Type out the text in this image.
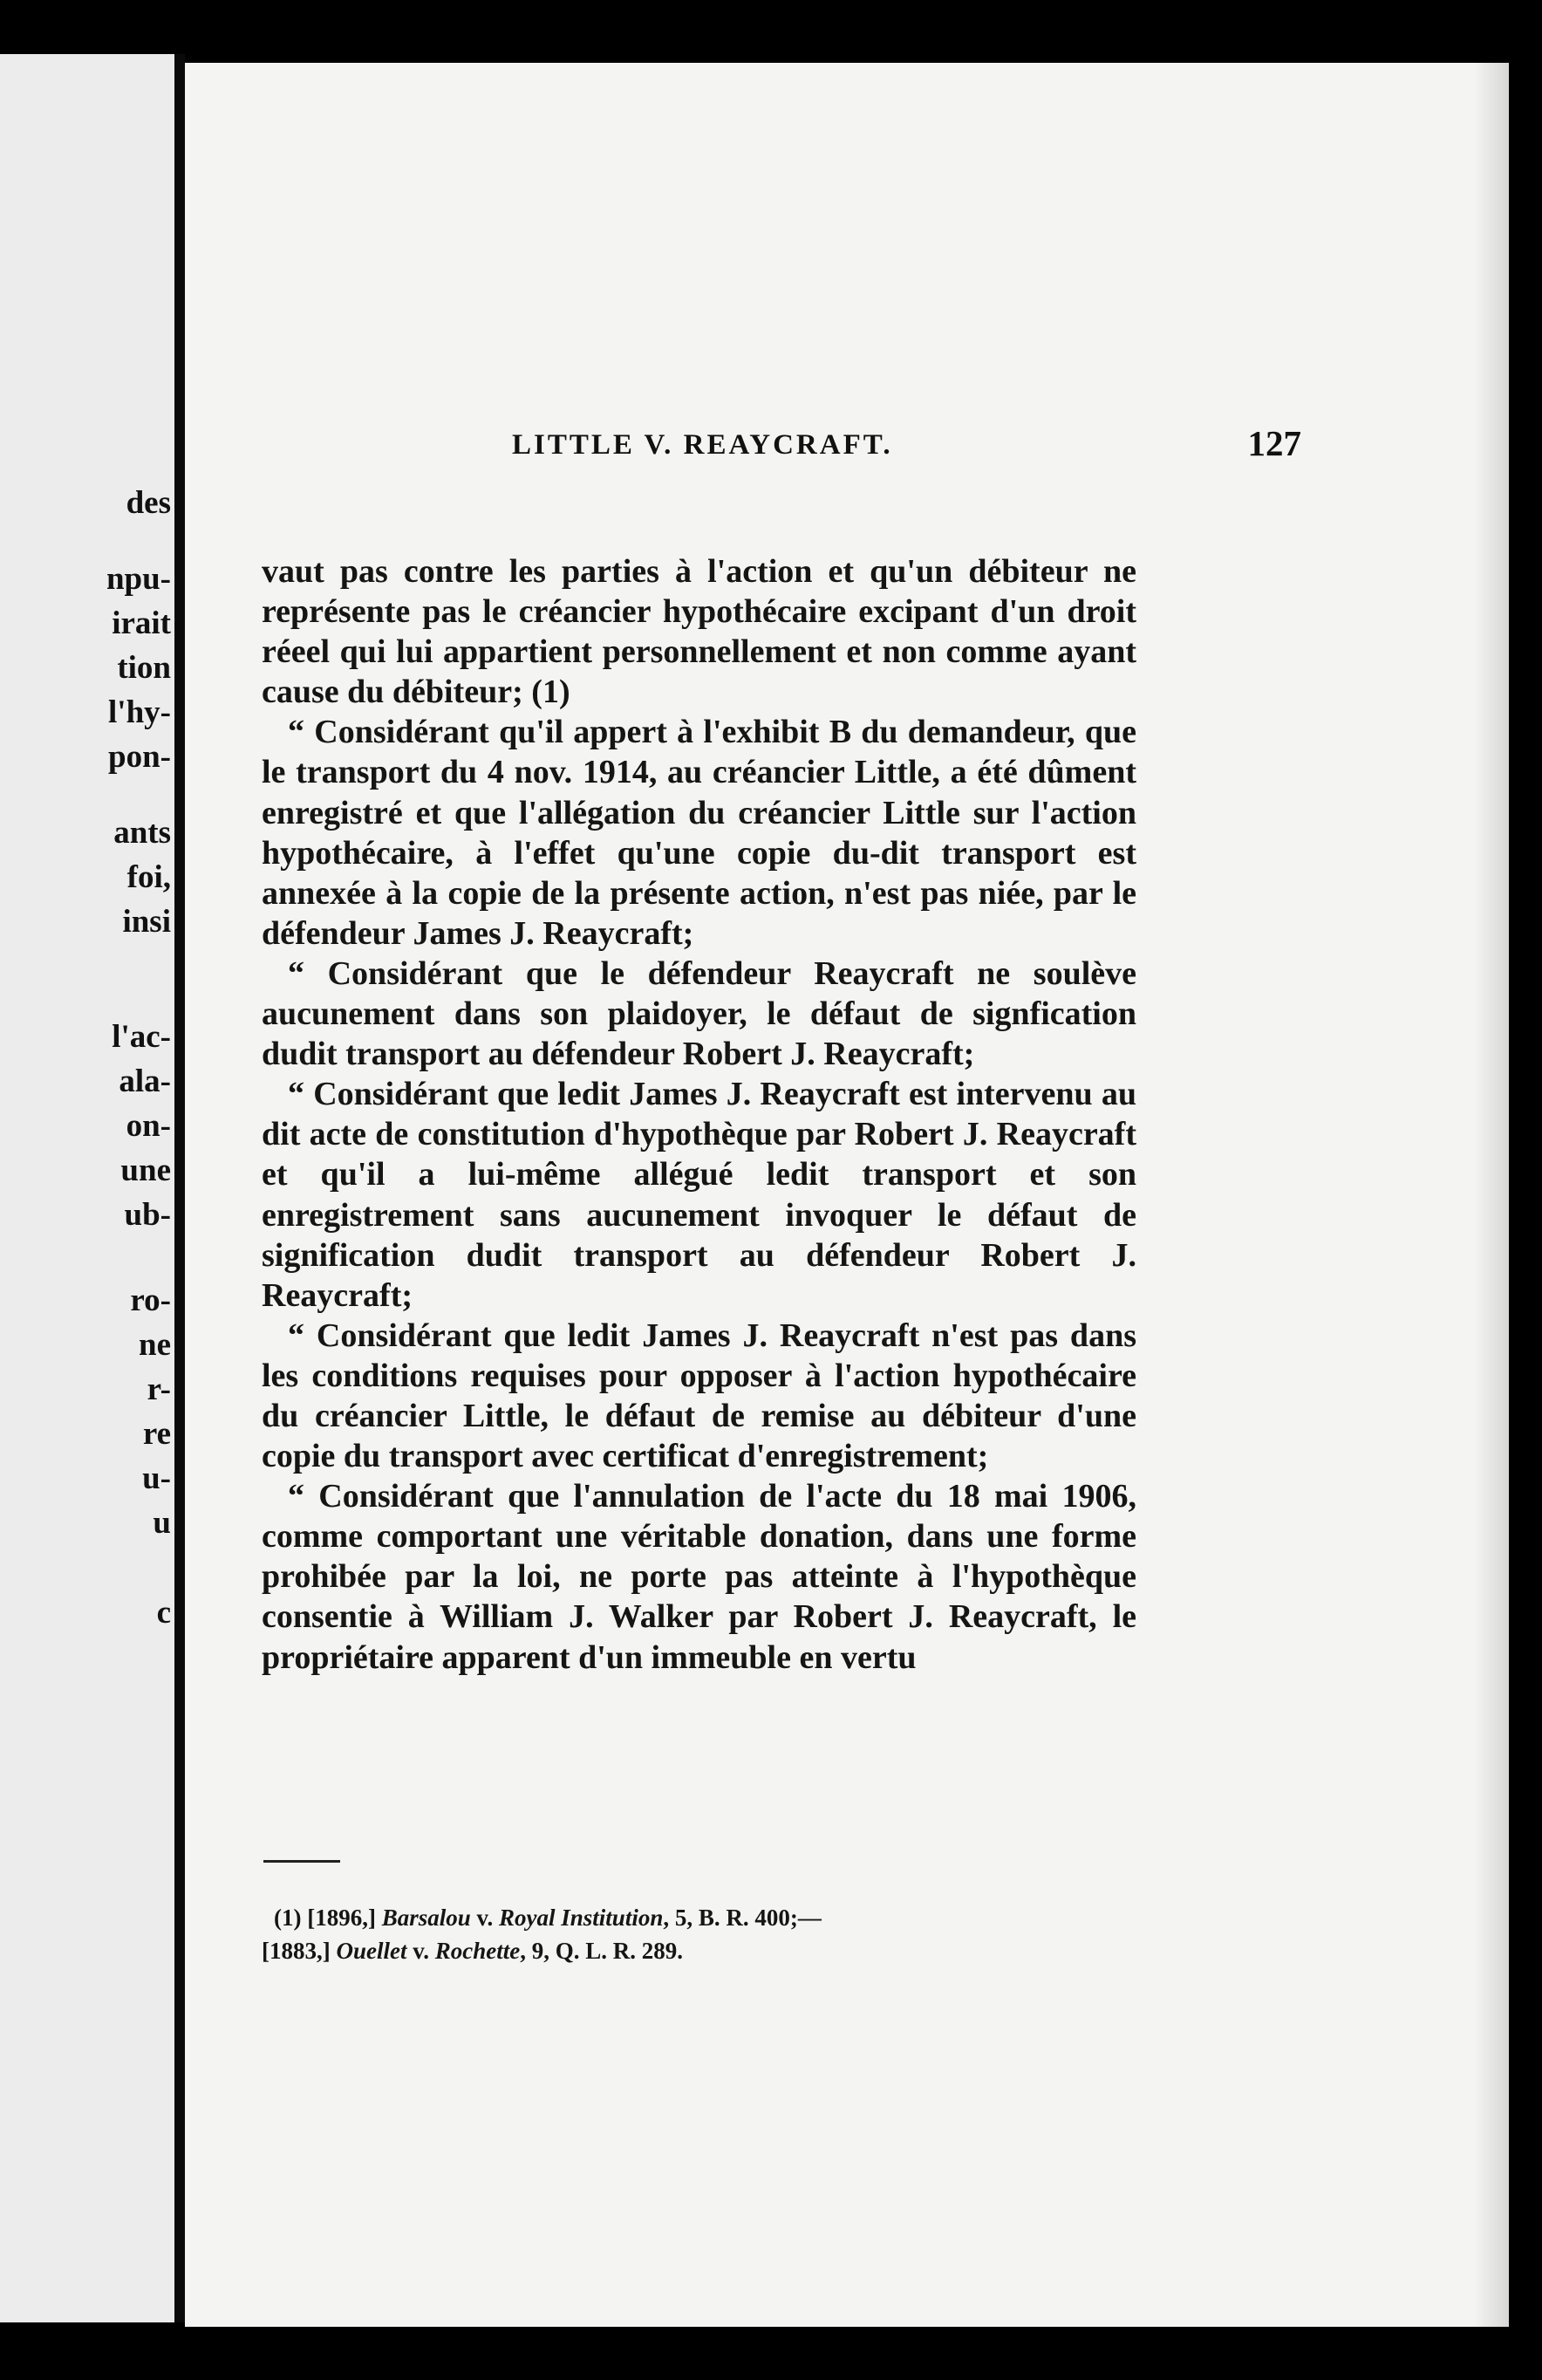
des
npu-
irait
tion
l'hy-
pon-
ants
foi,
insi
l'ac-
ala-
on-
une
ub-
ro-
ne
r-
re
u-
u
c
LITTLE V. REAYCRAFT.	127

vaut pas contre les parties à l'action et qu'un débiteur ne représente pas le créancier hypothécaire excipant d'un droit réeel qui lui appartient personnellement et non comme ayant cause du débiteur; (1)

“ Considérant qu'il appert à l'exhibit B du demandeur, que le transport du 4 nov. 1914, au créancier Little, a été dûment enregistré et que l'allégation du créancier Little sur l'action hypothécaire, à l'effet qu'une copie du-dit transport est annexée à la copie de la présente action, n'est pas niée, par le défendeur James J. Reaycraft;

“ Considérant que le défendeur Reaycraft ne soulève aucunement dans son plaidoyer, le défaut de signfication dudit transport au défendeur Robert J. Reaycraft;

“ Considérant que ledit James J. Reaycraft est intervenu au dit acte de constitution d'hypothèque par Robert J. Reaycraft et qu'il a lui-même allégué ledit transport et son enregistrement sans aucunement invoquer le défaut de signification dudit transport au défendeur Robert J. Reaycraft;

“ Considérant que ledit James J. Reaycraft n'est pas dans les conditions requises pour opposer à l'action hypothécaire du créancier Little, le défaut de remise au débiteur d'une copie du transport avec certificat d'enregistrement;

“ Considérant que l'annulation de l'acte du 18 mai 1906, comme comportant une véritable donation, dans une forme prohibée par la loi, ne porte pas atteinte à l'hypothèque consentie à William J. Walker par Robert J. Reaycraft, le propriétaire apparent d'un immeuble en vertu

(1) [1896,] Barsalou v. Royal Institution, 5, B. R. 400;—
[1883,] Ouellet v. Rochette, 9, Q. L. R. 289.
